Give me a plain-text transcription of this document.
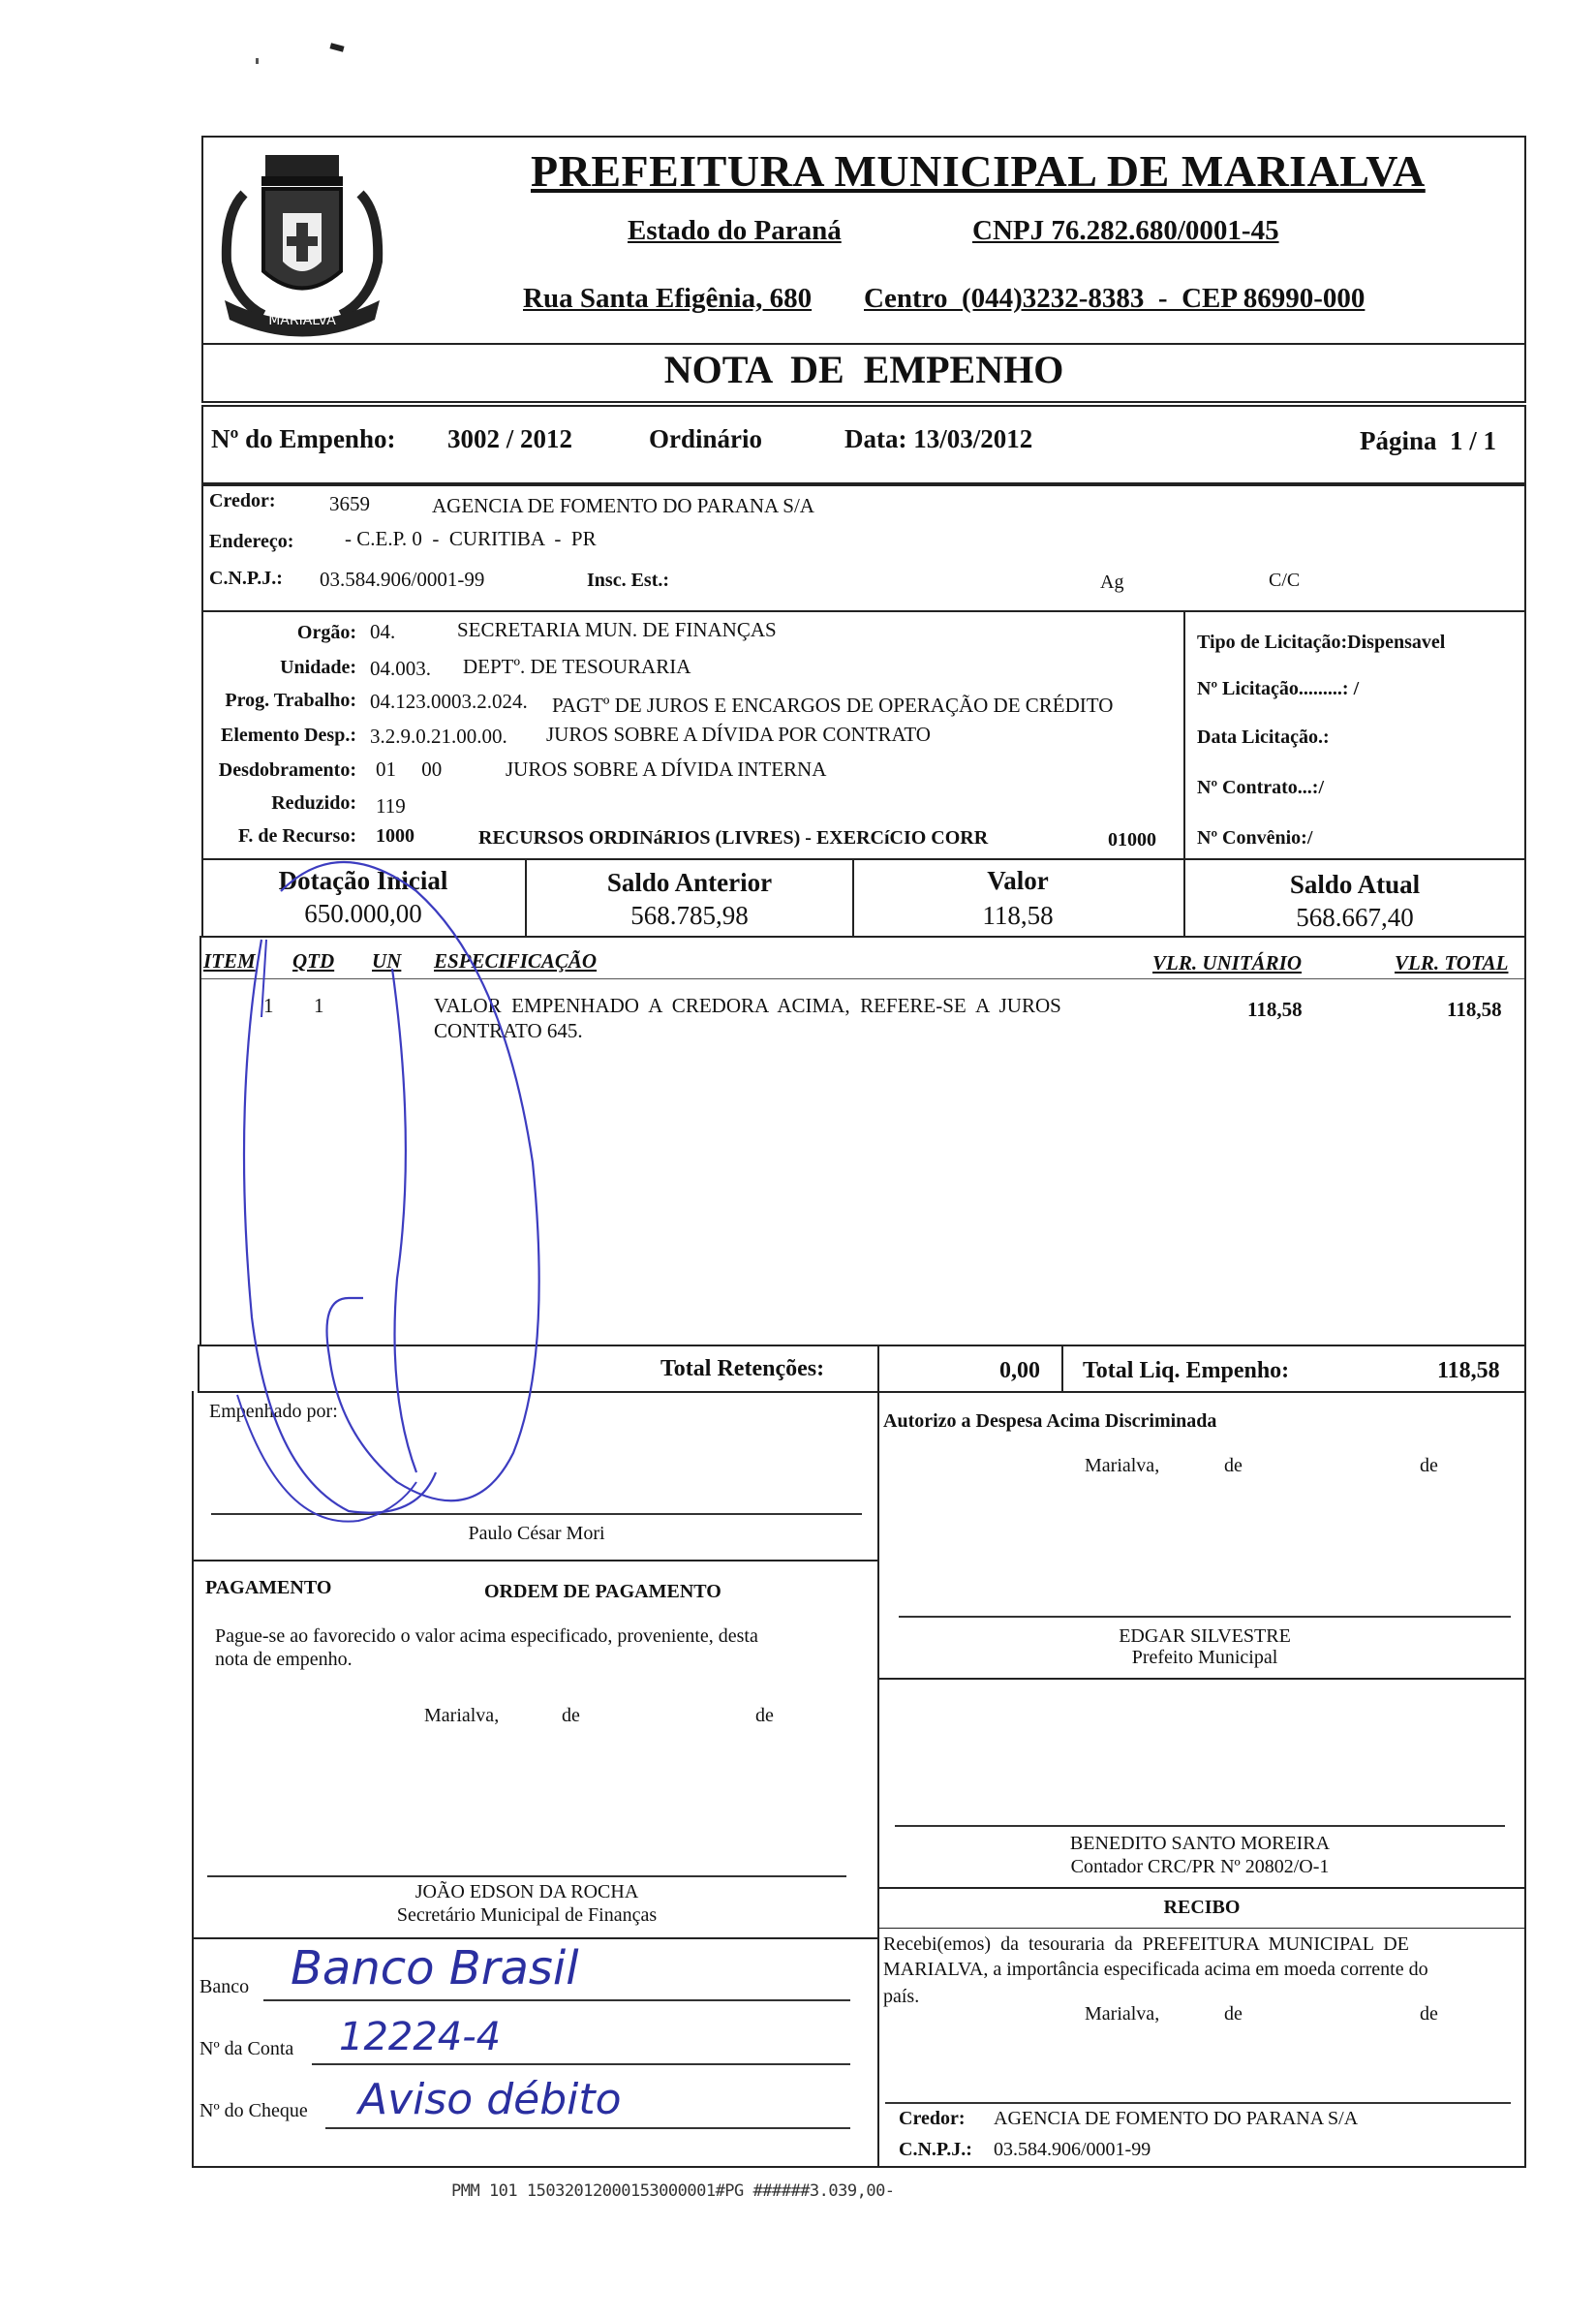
MARIALVA
PREFEITURA MUNICIPAL DE MARIALVA
Estado do Paraná	CNPJ 76.282.680/0001-45
Rua Santa Efigênia, 680 Centro  (044)3232-8383  -  CEP 86990-000
NOTA  DE  EMPENHO
Nº do Empenho: 3002 / 2012	Ordinário	Data: 13/03/2012	Página  1 / 1
Credor:	3659	AGENCIA DE FOMENTO DO PARANA S/A
Endereço:	- C.E.P. 0  -  CURITIBA  -  PR
C.N.P.J.: 03.584.906/0001-99	Insc. Est.:	Ag	C/C
Orgão: 04.	SECRETARIA MUN. DE FINANÇAS
Unidade: 04.003. DEPTº. DE TESOURARIA
Prog. Trabalho: 04.123.0003.2.024. PAGTº DE JUROS E ENCARGOS DE OPERAÇÃO DE CRÉDITO
Elemento Desp.: 3.2.9.0.21.00.00. JUROS SOBRE A DÍVIDA POR CONTRATO
Desdobramento: 01     00	JUROS SOBRE A DÍVIDA INTERNA
Reduzido: 119
F. de Recurso: 1000	RECURSOS ORDINáRIOS (LIVRES) - EXERCíCIO CORR	01000
Tipo de Licitação:Dispensavel
Nº Licitação.........: /
Data Licitação.:
Nº Contrato...:/
Nº Convênio:/
Dotação Inicial
650.000,00
Saldo Anterior
568.785,98
Valor
118,58
Saldo Atual
568.667,40
ITEM QTD UN ESPECIFICAÇÃO	VLR. UNITÁRIO	VLR. TOTAL
1 1	VALOR  EMPENHADO  A  CREDORA  ACIMA,  REFERE-SE  A  JUROS
CONTRATO 645.
118,58	118,58
Total Retenções:	0,00 Total Liq. Empenho:	118,58
Empenhado por:
Paulo César Mori
Autorizo a Despesa Acima Discriminada
Marialva,	de	de
EDGAR SILVESTRE
Prefeito Municipal
PAGAMENTO	ORDEM DE PAGAMENTO
Pague-se ao favorecido o valor acima especificado, proveniente, desta
nota de empenho.
Marialva,	de	de
JOÃO EDSON DA ROCHA
Secretário Municipal de Finanças
BENEDITO SANTO MOREIRA
Contador CRC/PR Nº 20802/O-1
RECIBO
Recebi(emos)  da  tesouraria  da  PREFEITURA  MUNICIPAL  DE
MARIALVA, a importância especificada acima em moeda corrente do
país.
Marialva,	de	de
Credor: AGENCIA DE FOMENTO DO PARANA S/A
C.N.P.J.: 03.584.906/0001-99
Banco Banco Brasil
Nº da Conta 12224-4
Nº do Cheque Aviso débito
PMM 101 15032012000153000001#PG ######3.039,00-
